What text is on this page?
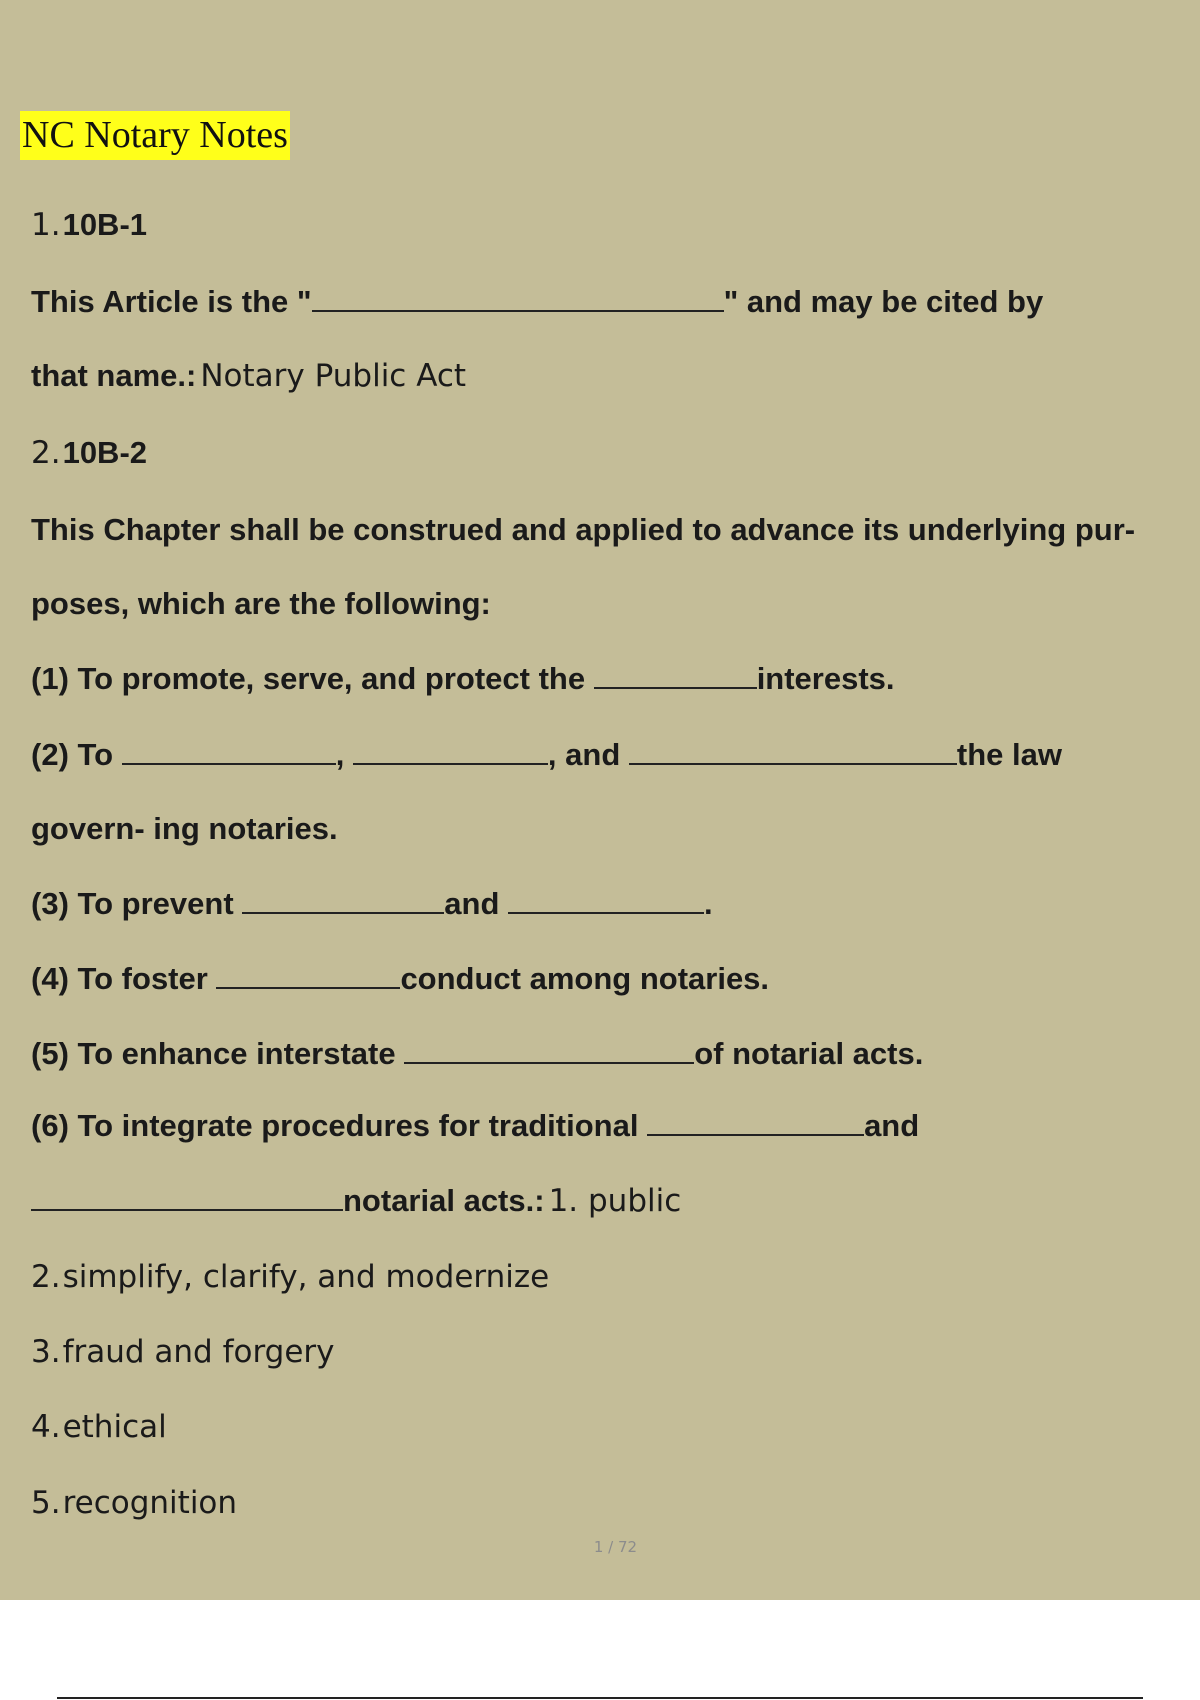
NC Notary Notes
1.10B-1
This Article is the "	" and may be cited by
that name.: Notary Public Act
2.10B-2
This Chapter shall be construed and applied to advance its underlying pur-
poses, which are the following:
(1) To promote, serve, and protect the	interests.
(2) To	,	, and	the law
govern- ing notaries.
(3) To prevent	and	.
(4) To foster	conduct among notaries.
(5) To enhance interstate	of notarial acts.
(6) To integrate procedures for traditional	and
notarial acts.: 1. public
2.simplify, clarify, and modernize
3.fraud and forgery
4.ethical
5.recognition
1 / 72
